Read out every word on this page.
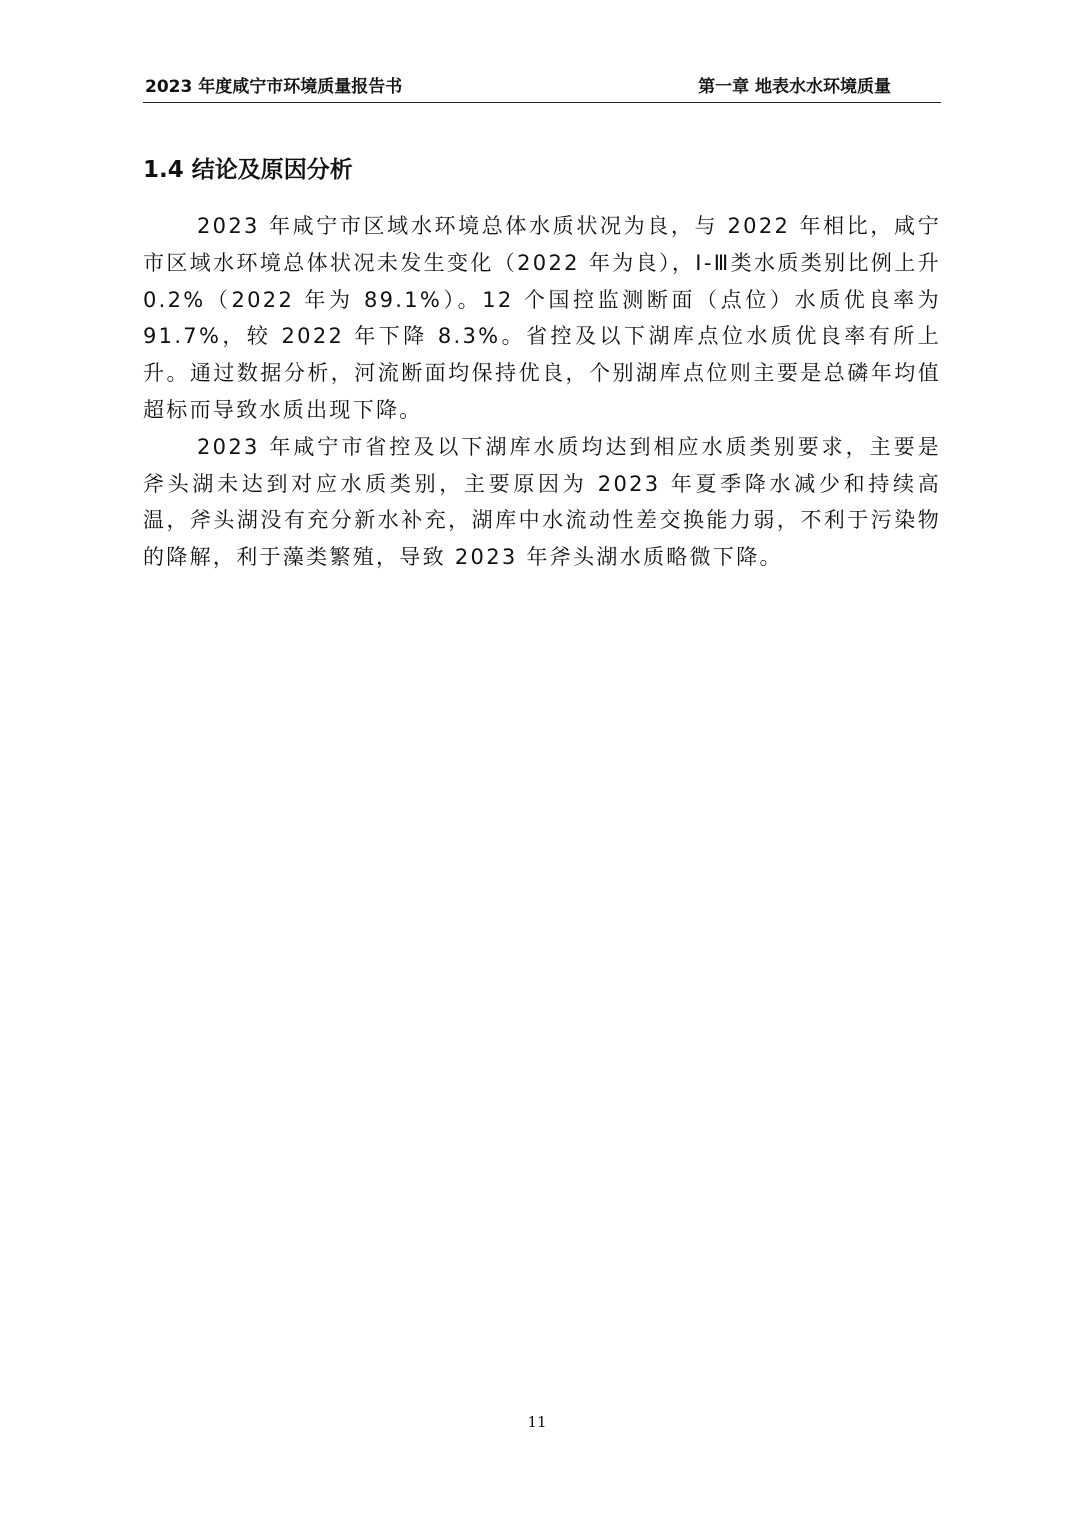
2023 年度咸宁市环境质量报告书	第一章 地表水水环境质量
1.4 结论及原因分析

2023 年咸宁市区域水环境总体水质状况为良，与 2022 年相比，咸宁市区域水环境总体状况未发生变化（2022 年为良），Ⅰ-Ⅲ类水质类别比例上升 0.2%（2022 年为 89.1%）。12 个国控监测断面（点位）水质优良率为 91.7%，较 2022 年下降 8.3%。省控及以下湖库点位水质优良率有所上升。通过数据分析，河流断面均保持优良，个别湖库点位则主要是总磷年均值超标而导致水质出现下降。

2023 年咸宁市省控及以下湖库水质均达到相应水质类别要求，主要是斧头湖未达到对应水质类别，主要原因为 2023 年夏季降水减少和持续高温，斧头湖没有充分新水补充，湖库中水流动性差交换能力弱，不利于污染物的降解，利于藻类繁殖，导致 2023 年斧头湖水质略微下降。

11
